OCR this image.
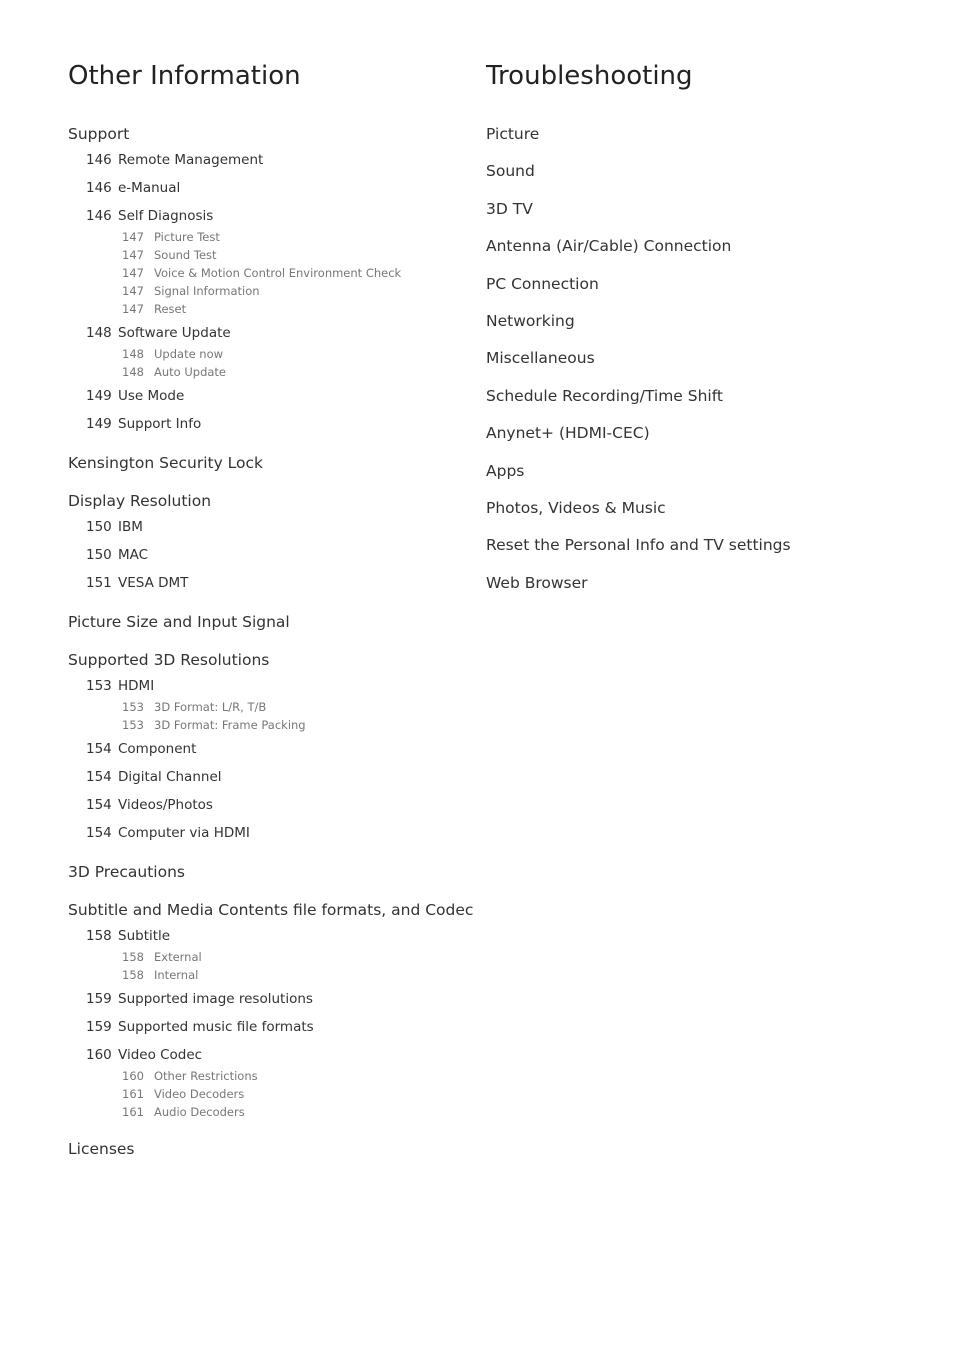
Other Information
Support
146 Remote Management
146 e-Manual
146 Self Diagnosis
147 Picture Test
147 Sound Test
147 Voice & Motion Control Environment Check
147 Signal Information
147 Reset
148 Software Update
148 Update now
148 Auto Update
149 Use Mode
149 Support Info
Kensington Security Lock
Display Resolution
150 IBM
150 MAC
151 VESA DMT
Picture Size and Input Signal
Supported 3D Resolutions
153 HDMI
153 3D Format: L/R, T/B
153 3D Format: Frame Packing
154 Component
154 Digital Channel
154 Videos/Photos
154 Computer via HDMI
3D Precautions
Subtitle and Media Contents file formats, and Codec
158 Subtitle
158 External
158 Internal
159 Supported image resolutions
159 Supported music file formats
160 Video Codec
160 Other Restrictions
161 Video Decoders
161 Audio Decoders
Licenses
Troubleshooting
Picture
Sound
3D TV
Antenna (Air/Cable) Connection
PC Connection
Networking
Miscellaneous
Schedule Recording/Time Shift
Anynet+ (HDMI-CEC)
Apps
Photos, Videos & Music
Reset the Personal Info and TV settings
Web Browser
